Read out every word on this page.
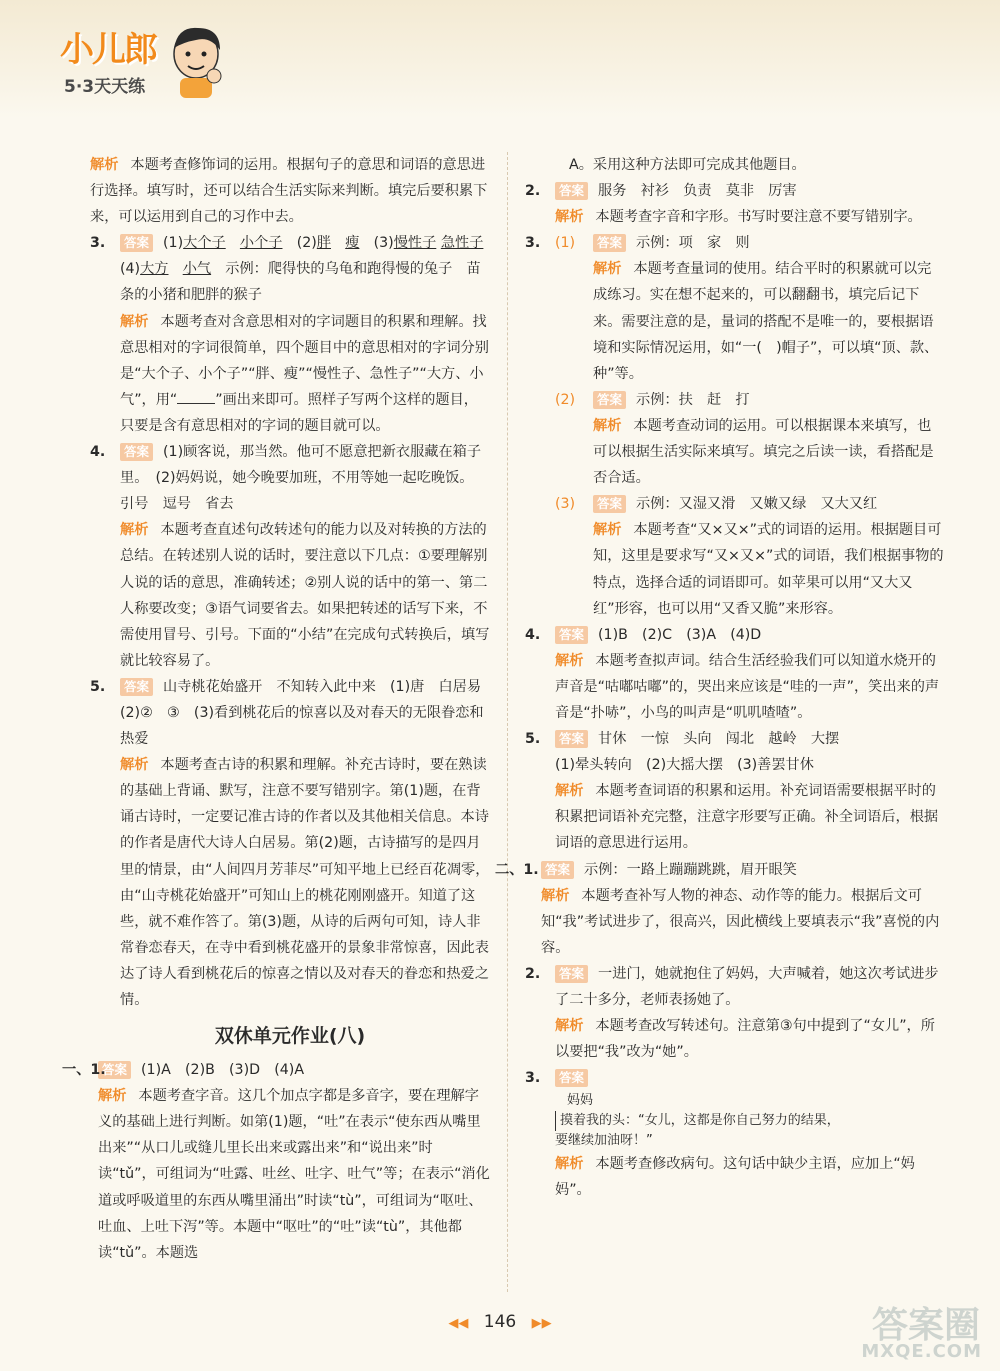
小儿郎
5·3天天练
解析 本题考查修饰词的运用。根据句子的意思和词语的意思进行选择。填写时，还可以结合生活实际来判断。填完后要积累下来，可以运用到自己的习作中去。
3.	答案 (1)大个子　 小个子　 (2)胖　 瘦　 (3)慢性子 急性子　(4)大方　 小气　 示例：爬得快的乌龟和跑得慢的兔子　苗条的小猪和肥胖的猴子
解析 本题考查对含意思相对的字词题目的积累和理解。找意思相对的字词很简单，四个题目中的意思相对的字词分别是“大个子、小个子”“胖、瘦”“慢性子、急性子”“大方、小气”，用“	”画出来即可。照样子写两个这样的题目，只要是含有意思相对的字词的题目就可以。
4.	答案 (1)顾客说，那当然。他可不愿意把新衣服藏在箱子里。　(2)妈妈说，她今晚要加班，不用等她一起吃晚饭。　引号　逗号　省去
解析 本题考查直述句改转述句的能力以及对转换的方法的总结。在转述别人说的话时，要注意以下几点：①要理解别人说的话的意思，准确转述；②别人说的话中的第一、第二人称要改变；③语气词要省去。如果把转述的话写下来，不需使用冒号、引号。下面的“小结”在完成句式转换后，填写就比较容易了。
5.	答案 山寺桃花始盛开　不知转入此中来　(1)唐　白居易　(2)②　③　(3)看到桃花后的惊喜以及对春天的无限眷恋和热爱
解析 本题考查古诗的积累和理解。补充古诗时，要在熟读的基础上背诵、默写，注意不要写错别字。第(1)题，在背诵古诗时，一定要记准古诗的作者以及其他相关信息。本诗的作者是唐代大诗人白居易。第(2)题，古诗描写的是四月里的情景，由“人间四月芳菲尽”可知平地上已经百花凋零，由“山寺桃花始盛开”可知山上的桃花刚刚盛开。知道了这些，就不难作答了。第(3)题，从诗的后两句可知，诗人非常眷恋春天，在寺中看到桃花盛开的景象非常惊喜，因此表达了诗人看到桃花后的惊喜之情以及对春天的眷恋和热爱之情。
双休单元作业(八)
一、1.
答案 (1)A　(2)B　(3)D　(4)A
解析 本题考查字音。这几个加点字都是多音字，要在理解字义的基础上进行判断。如第(1)题，“吐”在表示“使东西从嘴里出来”“从口儿或缝儿里长出来或露出来”和“说出来”时读“tǔ”，可组词为“吐露、吐丝、吐字、吐气”等；在表示“消化道或呼吸道里的东西从嘴里涌出”时读“tù”，可组词为“呕吐、吐血、上吐下泻”等。本题中“呕吐”的“吐”读“tù”，其他都读“tǔ”。本题选
A。采用这种方法即可完成其他题目。
2.	答案 服务　衬衫　负责　莫非　厉害
解析 本题考查字音和字形。书写时要注意不要写错别字。
3. (1)	答案 示例：项　家　则
解析 本题考查量词的使用。结合平时的积累就可以完成练习。实在想不起来的，可以翻翻书，填完后记下来。需要注意的是，量词的搭配不是唯一的，要根据语境和实际情况运用，如“一(　)帽子”，可以填“顶、款、种”等。
(2)	答案 示例：扶　赶　打
解析 本题考查动词的运用。可以根据课本来填写，也可以根据生活实际来填写。填完之后读一读，看搭配是否合适。
(3)	答案 示例：又湿又滑　又嫩又绿　又大又红
解析 本题考查“又×又×”式的词语的运用。根据题目可知，这里是要求写“又×又×”式的词语，我们根据事物的特点，选择合适的词语即可。如苹果可以用“又大又红”形容，也可以用“又香又脆”来形容。
4.	答案 (1)B　(2)C　(3)A　(4)D
解析 本题考查拟声词。结合生活经验我们可以知道水烧开的声音是“咕嘟咕嘟”的，哭出来应该是“哇的一声”，笑出来的声音是“扑哧”，小鸟的叫声是“叽叽喳喳”。
5.	答案 甘休　一惊　头向　闯北　越岭　大摆
(1)晕头转向　(2)大摇大摆　(3)善罢甘休
解析 本题考查词语的积累和运用。补充词语需要根据平时的积累把词语补充完整，注意字形要写正确。补全词语后，根据词语的意思进行运用。
二、1. 答案 示例：一路上蹦蹦跳跳，眉开眼笑
解析 本题考查补写人物的神态、动作等的能力。根据后文可知“我”考试进步了，很高兴，因此横线上要填表示“我”喜悦的内容。
2.	答案 一进门，她就抱住了妈妈，大声喊着，她这次考试进步了二十多分，老师表扬她了。
解析 本题考查改写转述句。注意第③句中提到了“女儿”，所以要把“我”改为“她”。
3.	答案
妈妈
摸着我的头：“女儿，这都是你自己努力的结果，
要继续加油呀！”
解析 本题考查修改病句。这句话中缺少主语，应加上“妈妈”。
◀◀ 146 ▶▶	答案圈
MXQE.COM
